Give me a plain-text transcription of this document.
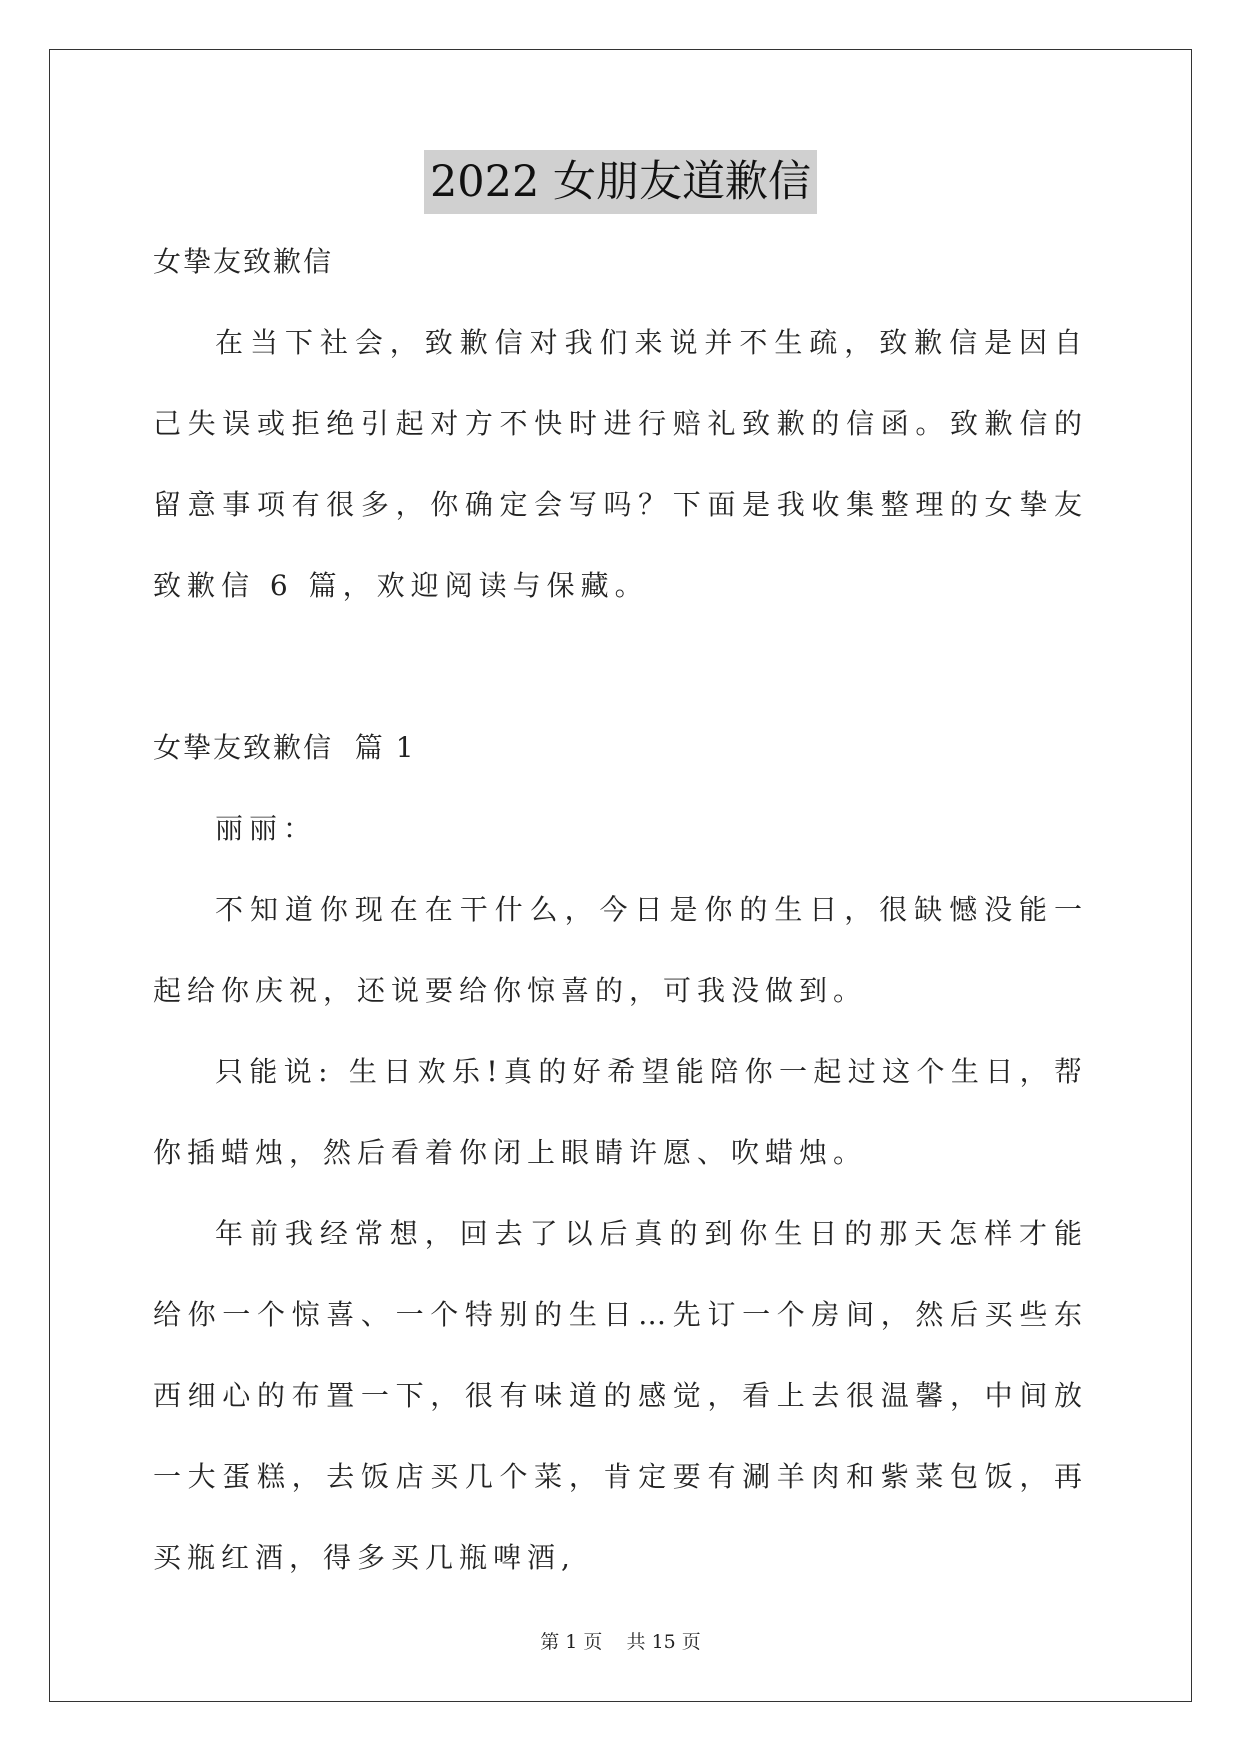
2022 女朋友道歉信

女挚友致歉信

在当下社会，致歉信对我们来说并不生疏，致歉信是因自己失误或拒绝引起对方不快时进行赔礼致歉的信函。致歉信的留意事项有很多，你确定会写吗？下面是我收集整理的女挚友致歉信 6 篇，欢迎阅读与保藏。

女挚友致歉信  篇 1

丽丽：

不知道你现在在干什么，今日是你的生日，很缺憾没能一起给你庆祝，还说要给你惊喜的，可我没做到。

只能说: 生日欢乐!真的好希望能陪你一起过这个生日，帮你插蜡烛，然后看着你闭上眼睛许愿、吹蜡烛。

年前我经常想，回去了以后真的到你生日的那天怎样才能给你一个惊喜、一个特别的生日…先订一个房间，然后买些东西细心的布置一下，很有味道的感觉，看上去很温馨，中间放一大蛋糕，去饭店买几个菜，肯定要有涮羊肉和紫菜包饭，再买瓶红酒，得多买几瓶啤酒,

第 1 页    共 15 页
